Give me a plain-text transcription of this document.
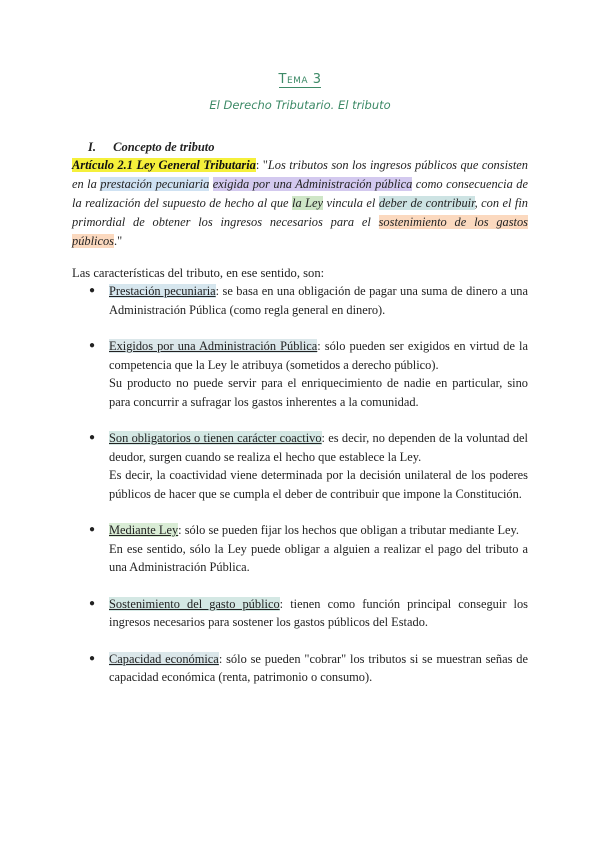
Tema 3
El Derecho Tributario. El tributo
I. Concepto de tributo
Artículo 2.1 Ley General Tributaria: "Los tributos son los ingresos públicos que consisten en la prestación pecuniaria exigida por una Administración pública como consecuencia de la realización del supuesto de hecho al que la Ley vincula el deber de contribuir, con el fin primordial de obtener los ingresos necesarios para el sostenimiento de los gastos públicos."
Las características del tributo, en ese sentido, son:
● Prestación pecuniaria: se basa en una obligación de pagar una suma de dinero a una Administración Pública (como regla general en dinero).
● Exigidos por una Administración Pública: sólo pueden ser exigidos en virtud de la competencia que la Ley le atribuya (sometidos a derecho público).
Su producto no puede servir para el enriquecimiento de nadie en particular, sino para concurrir a sufragar los gastos inherentes a la comunidad.
● Son obligatorios o tienen carácter coactivo: es decir, no dependen de la voluntad del deudor, surgen cuando se realiza el hecho que establece la Ley.
Es decir, la coactividad viene determinada por la decisión unilateral de los poderes públicos de hacer que se cumpla el deber de contribuir que impone la Constitución.
● Mediante Ley: sólo se pueden fijar los hechos que obligan a tributar mediante Ley.
En ese sentido, sólo la Ley puede obligar a alguien a realizar el pago del tributo a una Administración Pública.
● Sostenimiento del gasto público: tienen como función principal conseguir los ingresos necesarios para sostener los gastos públicos del Estado.
● Capacidad económica: sólo se pueden "cobrar" los tributos si se muestran señas de capacidad económica (renta, patrimonio o consumo).
